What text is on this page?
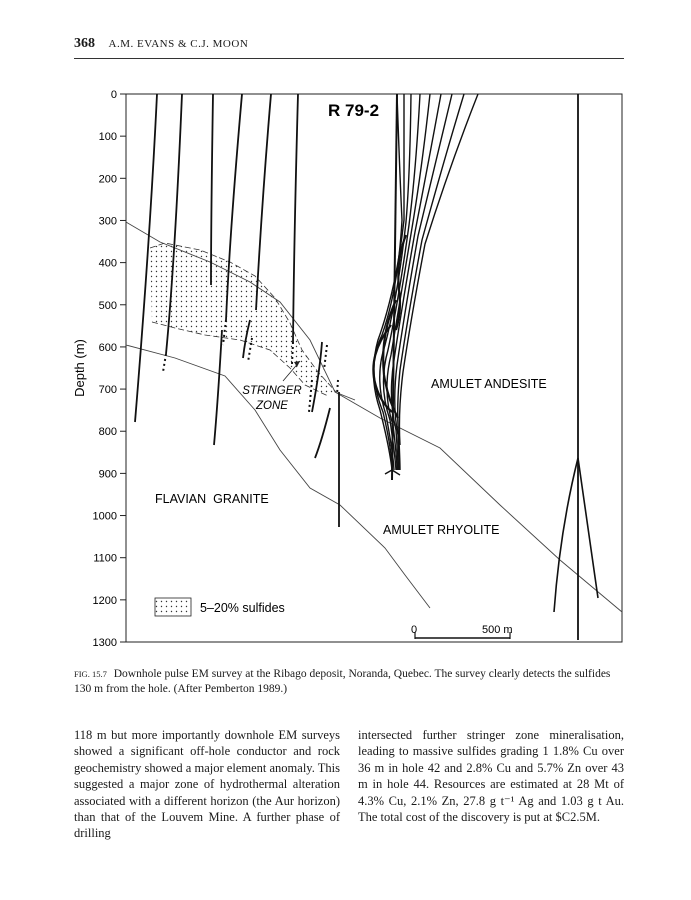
368 A.M. EVANS & C.J. MOON
0
100
200
300
400
500
600
700
800
900
1000
1100
1200
1300
Depth (m)
R 79-2
AMULET ANDESITE
AMULET RHYOLITE
FLAVIAN  GRANITE
STRINGER
ZONE
5–20% sulfides
0	500 m
FIG. 15.7 Downhole pulse EM survey at the Ribago deposit, Noranda, Quebec. The survey clearly detects the sulfides 130 m from the hole. (After Pemberton 1989.)
118 m but more importantly downhole EM surveys showed a significant off-hole conductor and rock geochemistry showed a major element anomaly. This suggested a major zone of hydrothermal alteration associated with a different horizon (the Aur horizon) than that of the Louvem Mine. A further phase of drilling
intersected further stringer zone mineralisation, leading to massive sulfides grading 1 1.8% Cu over 36 m in hole 42 and 2.8% Cu and 5.7% Zn over 43 m in hole 44. Resources are estimated at 28 Mt of 4.3% Cu, 2.1% Zn, 27.8 g t⁻¹ Ag and 1.03 g t Au. The total cost of the discovery is put at $C2.5M.
